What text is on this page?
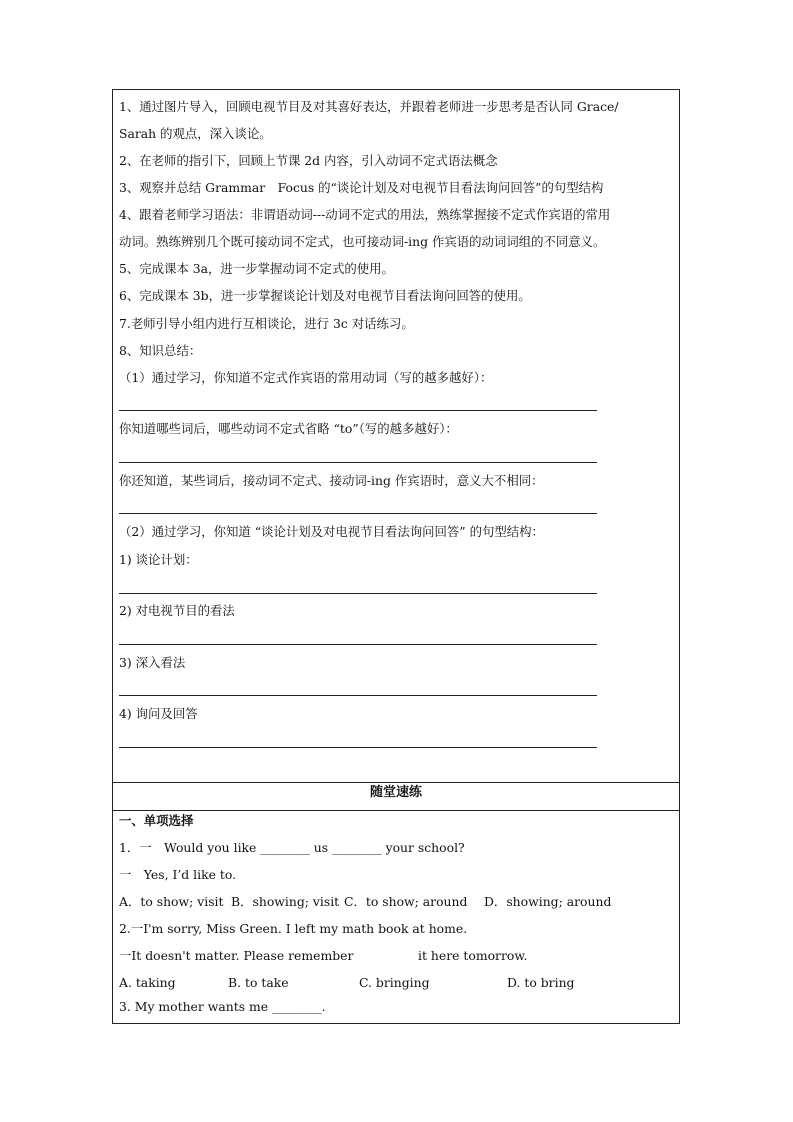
1、通过图片导入，回顾电视节目及对其喜好表达，并跟着老师进一步思考是否认同 Grace/
Sarah 的观点，深入谈论。
2、在老师的指引下，回顾上节课 2d 内容，引入动词不定式语法概念
3、观察并总结 Grammar　Focus 的“谈论计划及对电视节目看法询问回答”的句型结构
4、跟着老师学习语法：非谓语动词---动词不定式的用法，熟练掌握接不定式作宾语的常用
动词。熟练辨别几个既可接动词不定式，也可接动词-ing 作宾语的动词词组的不同意义。
5、完成课本 3a，进一步掌握动词不定式的使用。
6、完成课本 3b，进一步掌握谈论计划及对电视节目看法询问回答的使用。
7.老师引导小组内进行互相谈论，进行 3c 对话练习。
8、知识总结：
（1）通过学习，你知道不定式作宾语的常用动词（写的越多越好）：
你知道哪些词后，哪些动词不定式省略 “to”（写的越多越好）：
你还知道，某些词后，接动词不定式、接动词-ing 作宾语时，意义大不相同：
（2）通过学习，你知道 “谈论计划及对电视节目看法询问回答” 的句型结构：
1) 谈论计划：
2) 对电视节目的看法
3) 深入看法
4) 询问及回答
随堂速练
一、单项选择
1．一　Would you like ________ us ________ your school?
一　Yes, I’d like to.
A．to show; visit B．showing; visit C．to show; around D．showing; around
2.一I'm sorry, Miss Green. I left my math book at home.
一It doesn't matter. Please remember	it here tomorrow.
A. taking	B. to take	C. bringing	D. to bring
3. My mother wants me ________.
